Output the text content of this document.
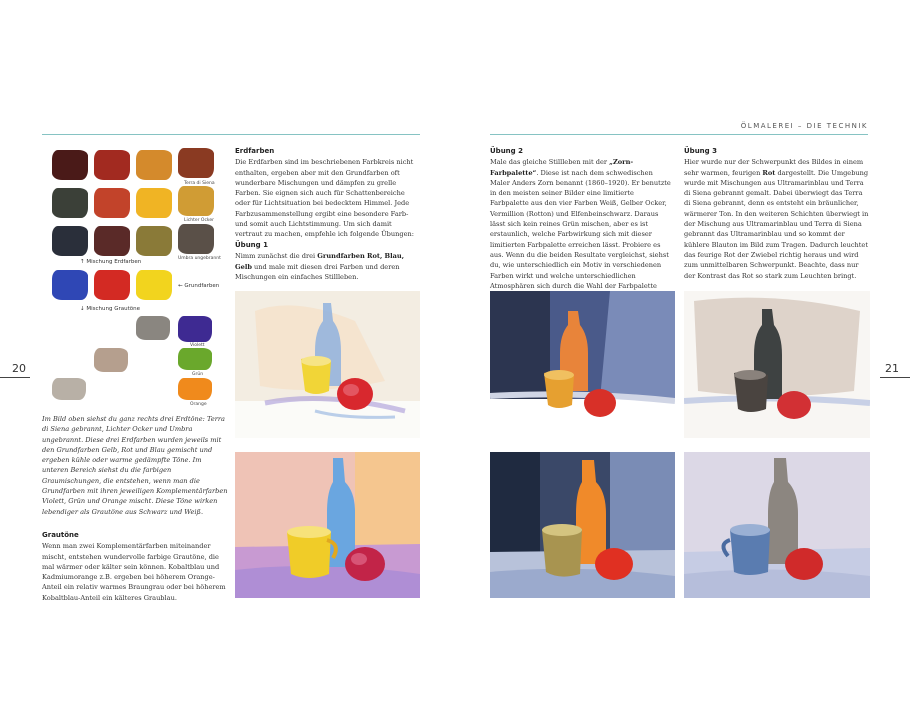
ÖLMALEREI – DIE TECHNIK
20	21
Terra di Siena
Lichter Ocker
Umbra ungebrannt
↑ Mischung Erdfarben
← Grundfarben
↓ Mischung Grautöne
Violett
Grün
Orange
Erdfarben
Die Erdfarben sind im beschriebenen Farbkreis nicht enthalten, ergeben aber mit den Grundfarben oft wunderbare Mischungen und dämpfen zu grelle Farben. Sie eignen sich auch für Schattenbereiche oder für Lichtsituation bei bedecktem Himmel. Jede Farbzusammenstellung ergibt eine besondere Farb- und somit auch Lichtstimmung. Um sich damit vertraut zu machen, empfehle ich folgende Übungen:
Übung 1
Nimm zunächst die drei Grundfarben Rot, Blau, Gelb und male mit diesen drei Farben und deren Mischungen ein einfaches Stillleben.
Im Bild oben siehst du ganz rechts drei Erdtöne: Terra di Siena gebrannt, Lichter Ocker und Umbra ungebrannt. Diese drei Erdfarben wurden jeweils mit den Grundfarben Gelb, Rot und Blau gemischt und ergeben kühle oder warme gedämpfte Töne. Im unteren Bereich siehst du die farbigen Graumischungen, die entstehen, wenn man die Grundfarben mit ihren jeweiligen Komplementärfarben Violett, Grün und Orange mischt. Diese Töne wirken lebendiger als Grautöne aus Schwarz und Weiß.
Grautöne
Wenn man zwei Komplementärfarben miteinander mischt, entstehen wundervolle farbige Grautöne, die mal wärmer oder kälter sein können. Kobaltblau und Kadmiumorange z.B. ergeben bei höherem Orange-Anteil ein relativ warmes Braungrau oder bei höherem Kobaltblau-Anteil ein kälteres Graublau.
Übung 2
Male das gleiche Stillleben mit der „Zorn-Farbpalette“. Diese ist nach dem schwedischen Maler Anders Zorn benannt (1860–1920). Er benutzte in den meisten seiner Bilder eine limitierte Farbpalette aus den vier Farben Weiß, Gelber Ocker, Vermillion (Rotton) und Elfenbeinschwarz. Daraus lässt sich kein reines Grün mischen, aber es ist erstaunlich, welche Farbwirkung sich mit dieser limitierten Farbpalette erreichen lässt. Probiere es aus. Wenn du die beiden Resultate vergleichst, siehst du, wie unterschiedlich ein Motiv in verschiedenen Farben wirkt und welche unterschiedlichen Atmosphären sich durch die Wahl der Farbpalette
Übung 3
Hier wurde nur der Schwerpunkt des Bildes in einem sehr warmen, feurigen Rot dargestellt. Die Umgebung wurde mit Mischungen aus Ultramarinblau und Terra di Siena gebrannt gemalt. Dabei überwiegt das Terra di Siena gebrannt, denn es entsteht ein bräunlicher, wärmerer Ton. In den weiteren Schichten überwiegt in der Mischung aus Ultramarinblau und Terra di Siena gebrannt das Ultramarinblau und so kommt der kühlere Blauton im Bild zum Tragen. Dadurch leuchtet das feurige Rot der Zwiebel richtig heraus und wird zum unmittelbaren Schwerpunkt. Beachte, dass nur der Kontrast das Rot so stark zum Leuchten bringt.
